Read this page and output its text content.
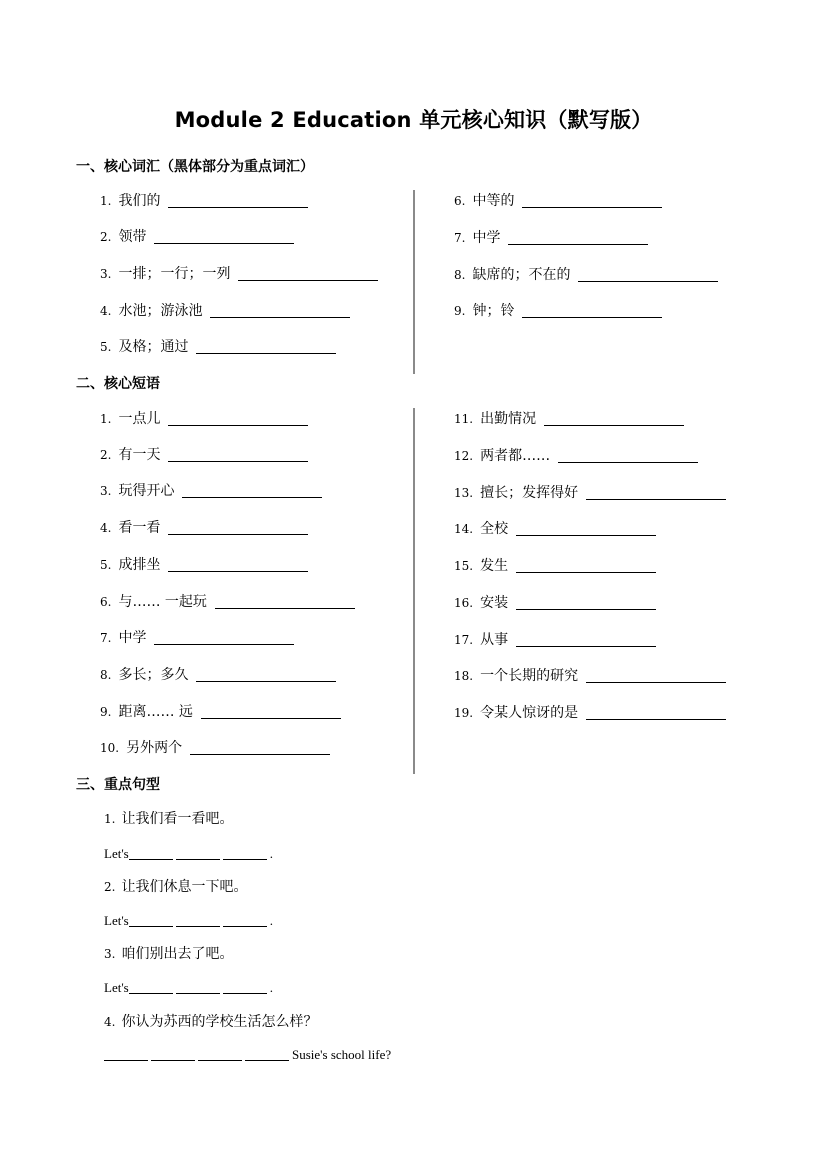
Module 2 Education 单元核心知识（默写版）
一、核心词汇（黑体部分为重点词汇）
1. 我们的
2. 领带
3. 一排；一行；一列
4. 水池；游泳池
5. 及格；通过
6. 中等的
7. 中学
8. 缺席的；不在的
9. 钟；铃
二、核心短语
1. 一点儿
2. 有一天
3. 玩得开心
4. 看一看
5. 成排坐
6. 与…… 一起玩
7. 中学
8. 多长；多久
9. 距离…… 远
10. 另外两个
11. 出勤情况
12. 两者都……
13. 擅长；发挥得好
14. 全校
15. 发生
16. 安装
17. 从事
18. 一个长期的研究
19. 令某人惊讶的是
三、重点句型
1. 让我们看一看吧。
Let's	.
2. 让我们休息一下吧。
Let's	.
3. 咱们别出去了吧。
Let's	.
4. 你认为苏西的学校生活怎么样？
Susie's school life?
